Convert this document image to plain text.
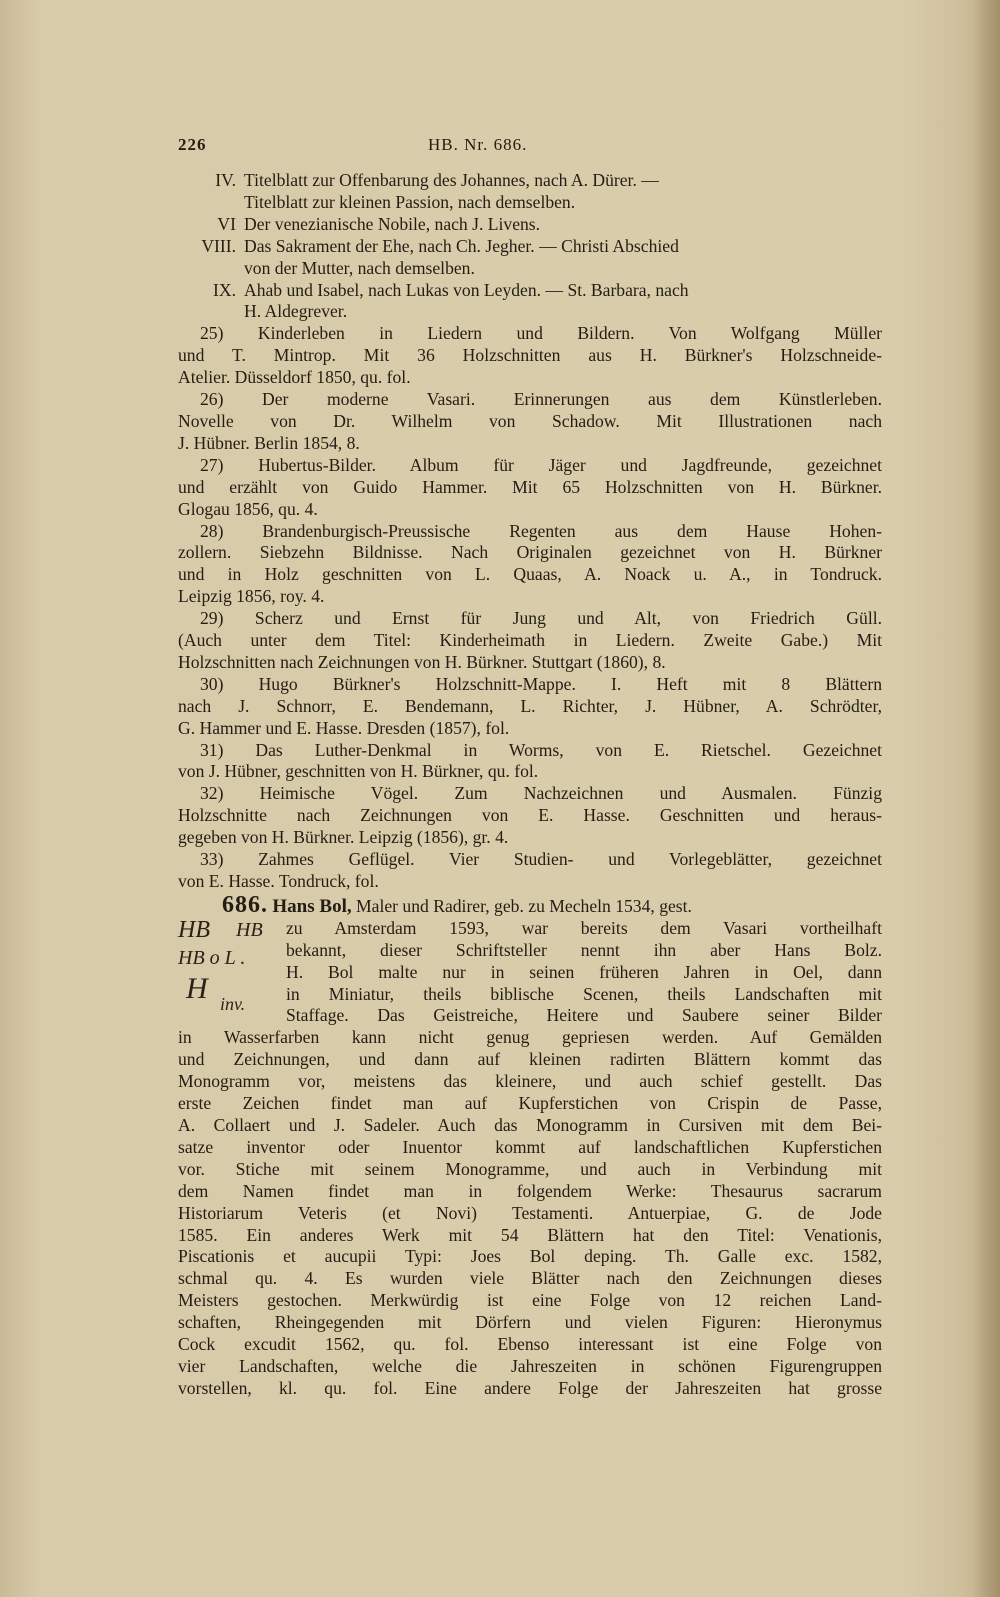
226	HB. Nr. 686.
IV. Titelblatt zur Offenbarung des Johannes, nach A. Dürer. —
Titelblatt zur kleinen Passion, nach demselben.
VI Der venezianische Nobile, nach J. Livens.
VIII. Das Sakrament der Ehe, nach Ch. Jegher. — Christi Abschied
von der Mutter, nach demselben.
IX. Ahab und Isabel, nach Lukas von Leyden. — St. Barbara, nach
H. Aldegrever.
25) Kinderleben in Liedern und Bildern. Von Wolfgang Müller
und T. Mintrop. Mit 36 Holzschnitten aus H. Bürkner's Holzschneide-
Atelier. Düsseldorf 1850, qu. fol.
26) Der moderne Vasari. Erinnerungen aus dem Künstlerleben.
Novelle von Dr. Wilhelm von Schadow. Mit Illustrationen nach
J. Hübner. Berlin 1854, 8.
27) Hubertus-Bilder. Album für Jäger und Jagdfreunde, gezeichnet
und erzählt von Guido Hammer. Mit 65 Holzschnitten von H. Bürkner.
Glogau 1856, qu. 4.
28) Brandenburgisch-Preussische Regenten aus dem Hause Hohen-
zollern. Siebzehn Bildnisse. Nach Originalen gezeichnet von H. Bürkner
und in Holz geschnitten von L. Quaas, A. Noack u. A., in Tondruck.
Leipzig 1856, roy. 4.
29) Scherz und Ernst für Jung und Alt, von Friedrich Güll.
(Auch unter dem Titel: Kinderheimath in Liedern. Zweite Gabe.) Mit
Holzschnitten nach Zeichnungen von H. Bürkner. Stuttgart (1860), 8.
30) Hugo Bürkner's Holzschnitt-Mappe. I. Heft mit 8 Blättern
nach J. Schnorr, E. Bendemann, L. Richter, J. Hübner, A. Schrödter,
G. Hammer und E. Hasse. Dresden (1857), fol.
31) Das Luther-Denkmal in Worms, von E. Rietschel. Gezeichnet
von J. Hübner, geschnitten von H. Bürkner, qu. fol.
32) Heimische Vögel. Zum Nachzeichnen und Ausmalen. Fünzig
Holzschnitte nach Zeichnungen von E. Hasse. Geschnitten und heraus-
gegeben von H. Bürkner. Leipzig (1856), gr. 4.
33) Zahmes Geflügel. Vier Studien- und Vorlegeblätter, gezeichnet
von E. Hasse. Tondruck, fol.
686. Hans Bol, Maler und Radirer, geb. zu Mecheln 1534, gest.
HB HB
HB o L .
H inv.
zu Amsterdam 1593, war bereits dem Vasari vortheilhaft
bekannt, dieser Schriftsteller nennt ihn aber Hans Bolz.
H. Bol malte nur in seinen früheren Jahren in Oel, dann
in Miniatur, theils biblische Scenen, theils Landschaften mit
Staffage. Das Geistreiche, Heitere und Saubere seiner Bilder
in Wasserfarben kann nicht genug gepriesen werden. Auf Gemälden
und Zeichnungen, und dann auf kleinen radirten Blättern kommt das
Monogramm vor, meistens das kleinere, und auch schief gestellt. Das
erste Zeichen findet man auf Kupferstichen von Crispin de Passe,
A. Collaert und J. Sadeler. Auch das Monogramm in Cursiven mit dem Bei-
satze inventor oder Inuentor kommt auf landschaftlichen Kupferstichen
vor. Stiche mit seinem Monogramme, und auch in Verbindung mit
dem Namen findet man in folgendem Werke: Thesaurus sacrarum
Historiarum Veteris (et Novi) Testamenti. Antuerpiae, G. de Jode
1585. Ein anderes Werk mit 54 Blättern hat den Titel: Venationis,
Piscationis et aucupii Typi: Joes Bol deping. Th. Galle exc. 1582,
schmal qu. 4. Es wurden viele Blätter nach den Zeichnungen dieses
Meisters gestochen. Merkwürdig ist eine Folge von 12 reichen Land-
schaften, Rheingegenden mit Dörfern und vielen Figuren: Hieronymus
Cock excudit 1562, qu. fol. Ebenso interessant ist eine Folge von
vier Landschaften, welche die Jahreszeiten in schönen Figurengruppen
vorstellen, kl. qu. fol. Eine andere Folge der Jahreszeiten hat grosse
